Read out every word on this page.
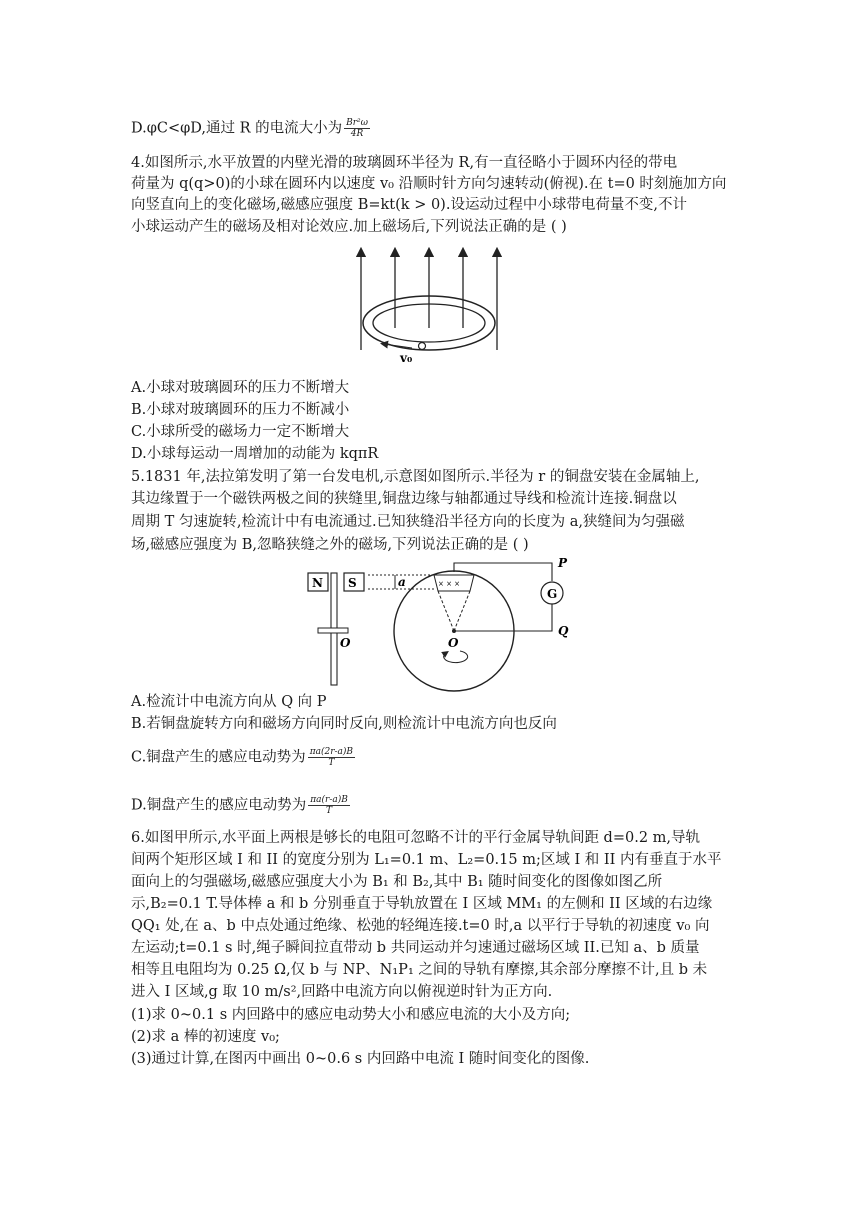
D.φC<φD,通过 R 的电流大小为 $\frac{\text{Br²ω}}{4R}$
4.如图所示,水平放置的内壁光滑的玻璃圆环半径为 R,有一直径略小于圆环内径的带电
荷量为 q(q>0)的小球在圆环内以速度 v₀ 沿顺时针方向匀速转动(俯视).在 t=0 时刻施加方向
向竖直向上的变化磁场,磁感应强度 B=kt(k > 0).设运动过程中小球带电荷量不变,不计
小球运动产生的磁场及相对论效应.加上磁场后,下列说法正确的是 ( )
v₀
A.小球对玻璃圆环的压力不断增大
B.小球对玻璃圆环的压力不断减小
C.小球所受的磁场力一定不断增大
D.小球每运动一周增加的动能为 kqπR
5.1831 年,法拉第发明了第一台发电机,示意图如图所示.半径为 r 的铜盘安装在金属轴上,
其边缘置于一个磁铁两极之间的狭缝里,铜盘边缘与轴都通过导线和检流计连接.铜盘以
周期 T 匀速旋转,检流计中有电流通过.已知狭缝沿半径方向的长度为 a,狭缝间为匀强磁
场,磁感应强度为 B,忽略狭缝之外的磁场,下列说法正确的是 ( )
N S
O
a	× × ×
O
G
P
Q
A.检流计中电流方向从 Q 向 P
B.若铜盘旋转方向和磁场方向同时反向,则检流计中电流方向也反向
C.铜盘产生的感应电动势为 $\frac{\pi a(2r-a)B}{T}$
D.铜盘产生的感应电动势为 $\frac{\pi a(r-a)B}{T}$
6.如图甲所示,水平面上两根是够长的电阻可忽略不计的平行金属导轨间距 d=0.2 m,导轨
间两个矩形区域 I 和 II 的宽度分别为 L₁=0.1 m、L₂=0.15 m;区域 I 和 II 内有垂直于水平
面向上的匀强磁场,磁感应强度大小为 B₁ 和 B₂,其中 B₁ 随时间变化的图像如图乙所
示,B₂=0.1 T.导体棒 a 和 b 分别垂直于导轨放置在 I 区域 MM₁ 的左侧和 II 区域的右边缘
QQ₁ 处,在 a、b 中点处通过绝缘、松弛的轻绳连接.t=0 时,a 以平行于导轨的初速度 v₀ 向
左运动;t=0.1 s 时,绳子瞬间拉直带动 b 共同运动并匀速通过磁场区域 II.已知 a、b 质量
相等且电阻均为 0.25 Ω,仅 b 与 NP、N₁P₁ 之间的导轨有摩擦,其余部分摩擦不计,且 b 未
进入 I 区域,g 取 10 m/s²,回路中电流方向以俯视逆时针为正方向.
(1)求 0~0.1 s 内回路中的感应电动势大小和感应电流的大小及方向;
(2)求 a 棒的初速度 v₀;
(3)通过计算,在图丙中画出 0~0.6 s 内回路中电流 I 随时间变化的图像.
